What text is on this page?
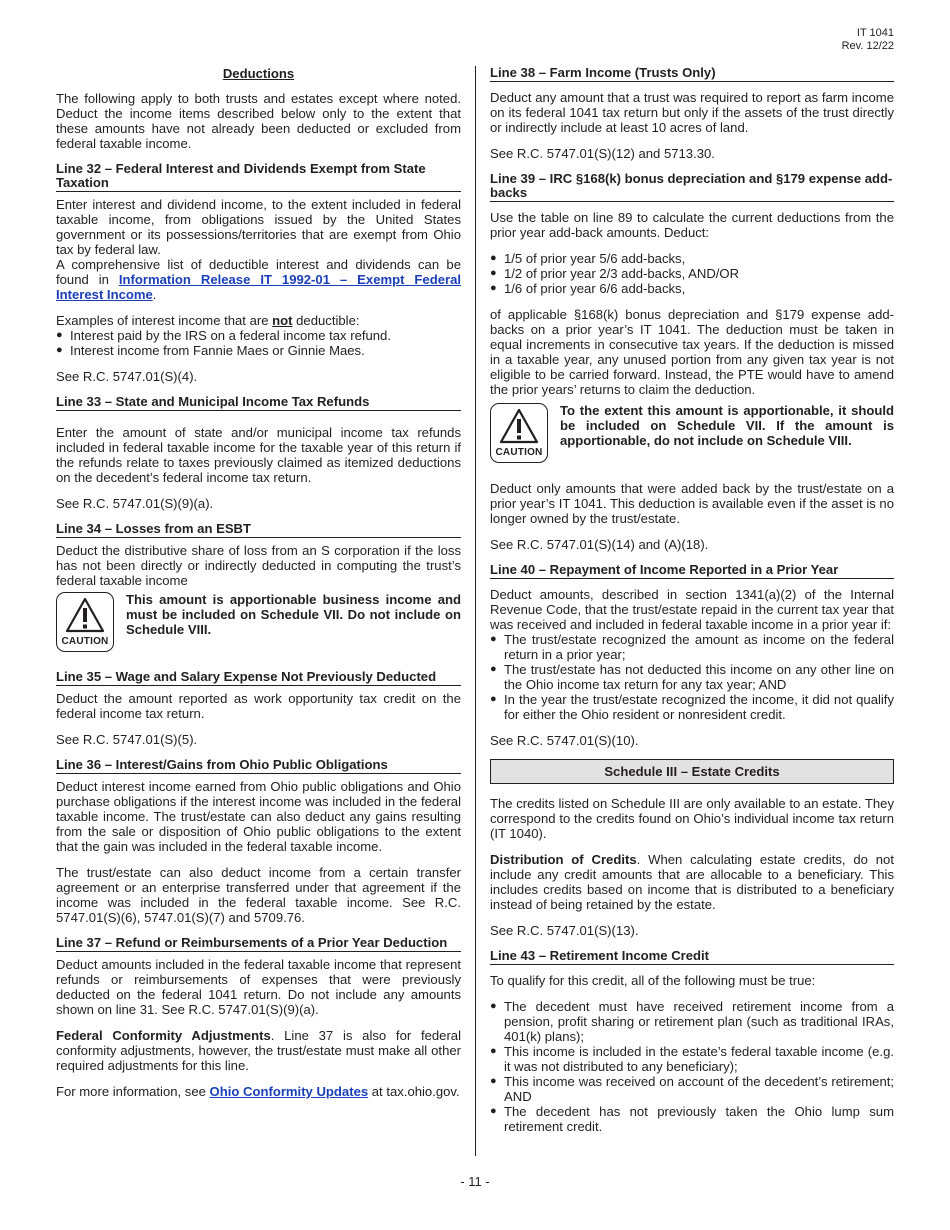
IT 1041
Rev. 12/22
Deductions

The following apply to both trusts and estates except where noted. Deduct the income items described below only to the extent that these amounts have not already been deducted or excluded from federal taxable income.

Line 32 – Federal Interest and Dividends Exempt from State Taxation

Enter interest and dividend income, to the extent included in federal taxable income, from obligations issued by the United States government or its possessions/territories that are exempt from Ohio tax by federal law.

A comprehensive list of deductible interest and dividends can be found in Information Release IT 1992-01 – Exempt Federal Interest Income.

Examples of interest income that are not deductible:

● Interest paid by the IRS on a federal income tax refund.
● Interest income from Fannie Maes or Ginnie Maes.

See R.C. 5747.01(S)(4).

Line 33 – State and Municipal Income Tax Refunds

Enter the amount of state and/or municipal income tax refunds included in federal taxable income for the taxable year of this return if the refunds relate to taxes previously claimed as itemized deductions on the decedent’s federal income tax return.

See R.C. 5747.01(S)(9)(a).

Line 34 – Losses from an ESBT

Deduct the distributive share of loss from an S corporation if the loss has not been directly or indirectly deducted in computing the trust’s federal taxable income

CAUTION
This amount is apportionable business income and must be included on Schedule VII. Do not include on Schedule VIII.
Line 35 – Wage and Salary Expense Not Previously Deducted

Deduct the amount reported as work opportunity tax credit on the federal income tax return.

See R.C. 5747.01(S)(5).

Line 36 – Interest/Gains from Ohio Public Obligations

Deduct interest income earned from Ohio public obligations and Ohio purchase obligations if the interest income was included in the federal taxable income. The trust/estate can also deduct any gains resulting from the sale or disposition of Ohio public obligations to the extent that the gain was included in the federal taxable income.

The trust/estate can also deduct income from a certain transfer agreement or an enterprise transferred under that agreement if the income was included in the federal taxable income. See R.C. 5747.01(S)(6), 5747.01(S)(7) and 5709.76.

Line 37 – Refund or Reimbursements of a Prior Year Deduction

Deduct amounts included in the federal taxable income that represent refunds or reimbursements of expenses that were previously deducted on the federal 1041 return. Do not include any amounts shown on line 31. See R.C. 5747.01(S)(9)(a).

Federal Conformity Adjustments. Line 37 is also for federal conformity adjustments, however, the trust/estate must make all other required adjustments for this line.

For more information, see Ohio Conformity Updates at tax.ohio.gov.

Line 38 – Farm Income (Trusts Only)

Deduct any amount that a trust was required to report as farm income on its federal 1041 tax return but only if the assets of the trust directly or indirectly include at least 10 acres of land.

See R.C. 5747.01(S)(12) and 5713.30.

Line 39 – IRC §168(k) bonus depreciation and §179 expense add-backs

Use the table on line 89 to calculate the current deductions from the prior year add-back amounts. Deduct:

● 1/5 of prior year 5/6 add-backs,
● 1/2 of prior year 2/3 add-backs, AND/OR
● 1/6 of prior year 6/6 add-backs,

of applicable §168(k) bonus depreciation and §179 expense add-backs on a prior year’s IT 1041. The deduction must be taken in equal increments in consecutive tax years. If the deduction is missed in a taxable year, any unused portion from any given tax year is not eligible to be carried forward. Instead, the PTE would have to amend the prior years’ returns to claim the deduction.

CAUTION
To the extent this amount is apportionable, it should be included on Schedule VII. If the amount is apportionable, do not include on Schedule VIII.

Deduct only amounts that were added back by the trust/estate on a prior year’s IT 1041. This deduction is available even if the asset is no longer owned by the trust/estate.

See R.C. 5747.01(S)(14) and (A)(18).

Line 40 – Repayment of Income Reported in a Prior Year

Deduct amounts, described in section 1341(a)(2) of the Internal Revenue Code, that the trust/estate repaid in the current tax year that was received and included in federal taxable income in a prior year if:

● The trust/estate recognized the amount as income on the federal return in a prior year;
● The trust/estate has not deducted this income on any other line on the Ohio income tax return for any tax year; AND
● In the year the trust/estate recognized the income, it did not qualify for either the Ohio resident or nonresident credit.

See R.C. 5747.01(S)(10).

Schedule III – Estate Credits

The credits listed on Schedule III are only available to an estate. They correspond to the credits found on Ohio’s individual income tax return (IT 1040).

Distribution of Credits. When calculating estate credits, do not include any credit amounts that are allocable to a beneficiary. This includes credits based on income that is distributed to a beneficiary instead of being retained by the estate.

See R.C. 5747.01(S)(13).

Line 43 – Retirement Income Credit

To qualify for this credit, all of the following must be true:

● The decedent must have received retirement income from a pension, profit sharing or retirement plan (such as traditional IRAs, 401(k) plans);
● This income is included in the estate’s federal taxable income (e.g. it was not distributed to any beneficiary);
● This income was received on account of the decedent’s retirement; AND
● The decedent has not previously taken the Ohio lump sum retirement credit.
- 11 -
